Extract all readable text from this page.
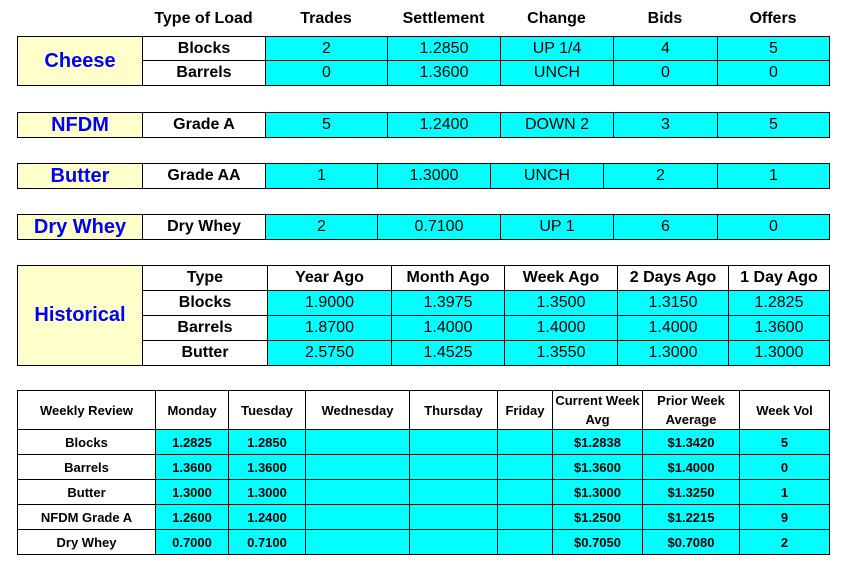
	Type of Load	Trades	Settlement	Change	Bids	Offers
Cheese	Blocks	2	1.2850	UP 1/4	4	5
	Barrels	0	1.3600	UNCH	0	0
NFDM	Grade A	5	1.2400	DOWN 2	3	5
Butter	Grade AA	1	1.3000	UNCH	2	1
Dry Whey	Dry Whey	2	0.7100	UP 1	6	0
Historical	Type	Year Ago	Month Ago	Week Ago	2 Days Ago	1 Day Ago
	Blocks	1.9000	1.3975	1.3500	1.3150	1.2825
	Barrels	1.8700	1.4000	1.4000	1.4000	1.3600
	Butter	2.5750	1.4525	1.3550	1.3000	1.3000
Weekly Review	Monday	Tuesday	Wednesday	Thursday	Friday	Current Week Avg	Prior Week Average	Week Vol
Blocks	1.2825	1.2850				$1.2838	$1.3420	5
Barrels	1.3600	1.3600				$1.3600	$1.4000	0
Butter	1.3000	1.3000				$1.3000	$1.3250	1
NFDM Grade A	1.2600	1.2400				$1.2500	$1.2215	9
Dry Whey	0.7000	0.7100				$0.7050	$0.7080	2
